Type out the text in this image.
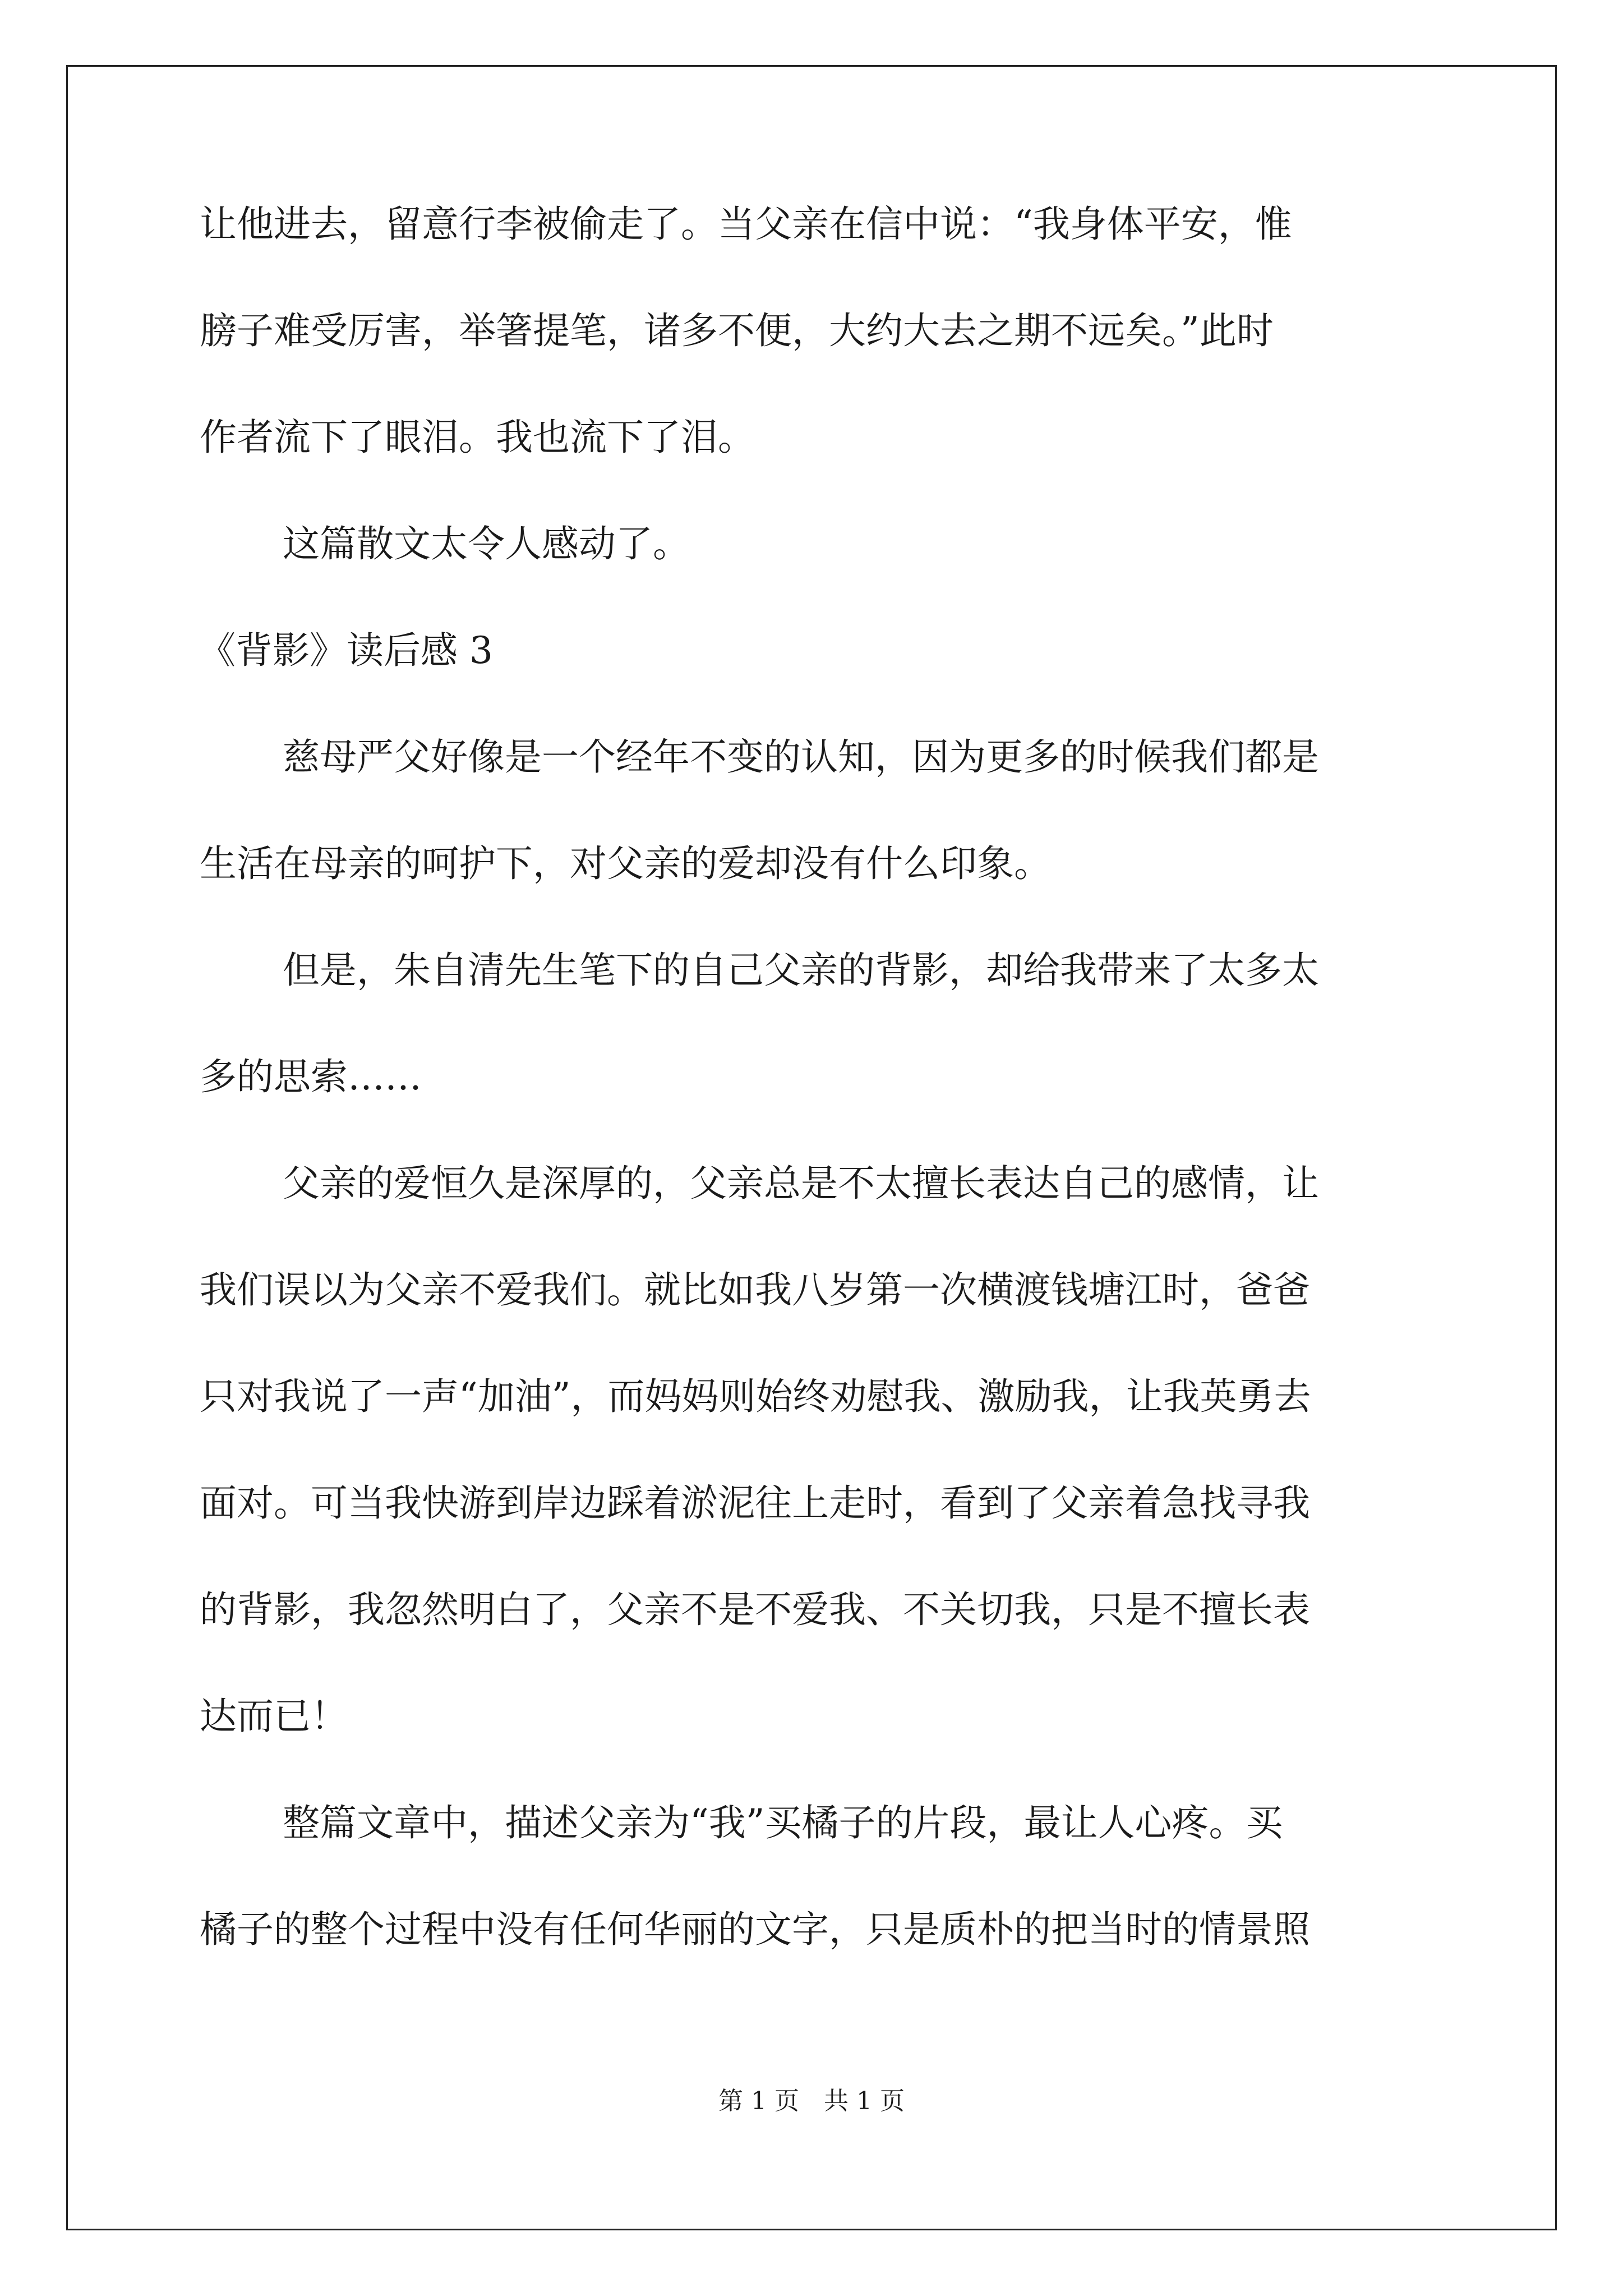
让他进去，留意行李被偷走了。当父亲在信中说：“我身体平安，惟
膀子难受厉害，举箸提笔，诸多不便，大约大去之期不远矣。”此时
作者流下了眼泪。我也流下了泪。
这篇散文太令人感动了。
《背影》读后感 3
慈母严父好像是一个经年不变的认知，因为更多的时候我们都是
生活在母亲的呵护下，对父亲的爱却没有什么印象。
但是，朱自清先生笔下的自己父亲的背影，却给我带来了太多太
多的思索……
父亲的爱恒久是深厚的，父亲总是不太擅长表达自己的感情，让
我们误以为父亲不爱我们。就比如我八岁第一次横渡钱塘江时，爸爸
只对我说了一声“加油”，而妈妈则始终劝慰我、激励我，让我英勇去
面对。可当我快游到岸边踩着淤泥往上走时，看到了父亲着急找寻我
的背影，我忽然明白了，父亲不是不爱我、不关切我，只是不擅长表
达而已！
整篇文章中，描述父亲为“我”买橘子的片段，最让人心疼。买
橘子的整个过程中没有任何华丽的文字，只是质朴的把当时的情景照
第 1 页　共 1 页
